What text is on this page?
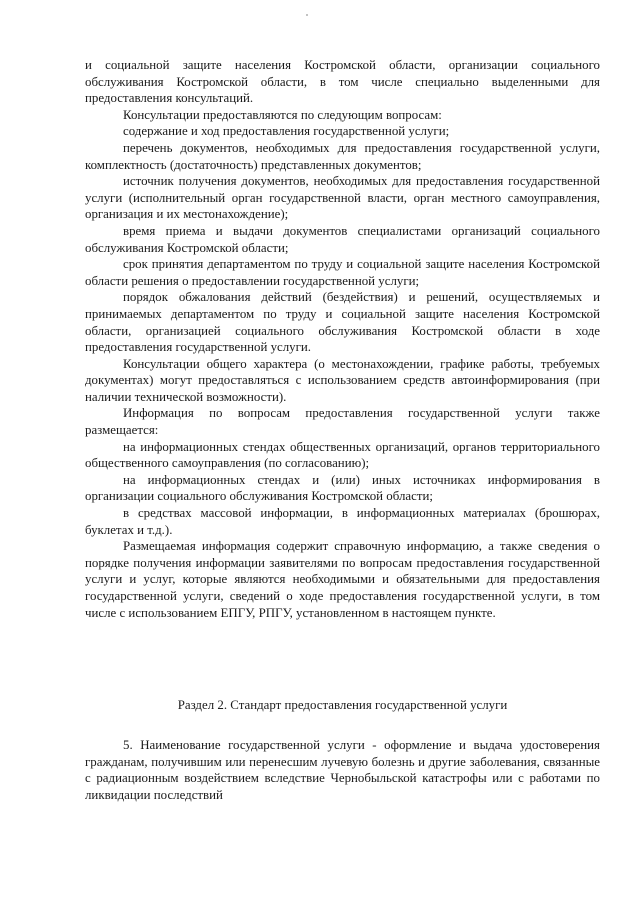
и социальной защите населения Костромской области, организации социального обслуживания Костромской области, в том числе специально выделенными для предоставления консультаций.

Консультации предоставляются по следующим вопросам:

содержание и ход предоставления государственной услуги;

перечень документов, необходимых для предоставления государственной услуги, комплектность (достаточность) представленных документов;

источник получения документов, необходимых для предоставления государственной услуги (исполнительный орган государственной власти, орган местного самоуправления, организация и их местонахождение);

время приема и выдачи документов специалистами организаций социального обслуживания Костромской области;

срок принятия департаментом по труду и социальной защите населения Костромской области решения о предоставлении государственной услуги;

порядок обжалования действий (бездействия) и решений, осуществляемых и принимаемых департаментом по труду и социальной защите населения Костромской области, организацией социального обслуживания Костромской области в ходе предоставления государственной услуги.

Консультации общего характера (о местонахождении, графике работы, требуемых документах) могут предоставляться с использованием средств автоинформирования (при наличии технической возможности).

Информация по вопросам предоставления государственной услуги также размещается:

на информационных стендах общественных организаций, органов территориального общественного самоуправления (по согласованию);

на информационных стендах и (или) иных источниках информирования в организации социального обслуживания Костромской области;

в средствах массовой информации, в информационных материалах (брошюрах, буклетах и т.д.).

Размещаемая информация содержит справочную информацию, а также сведения о порядке получения информации заявителями по вопросам предоставления государственной услуги и услуг, которые являются необходимыми и обязательными для предоставления государственной услуги, сведений о ходе предоставления государственной услуги, в том числе с использованием ЕПГУ, РПГУ, установленном в настоящем пункте.

Раздел 2. Стандарт предоставления государственной услуги

5. Наименование государственной услуги - оформление и выдача удостоверения гражданам, получившим или перенесшим лучевую болезнь и другие заболевания, связанные с радиационным воздействием вследствие Чернобыльской катастрофы или с работами по ликвидации последствий
